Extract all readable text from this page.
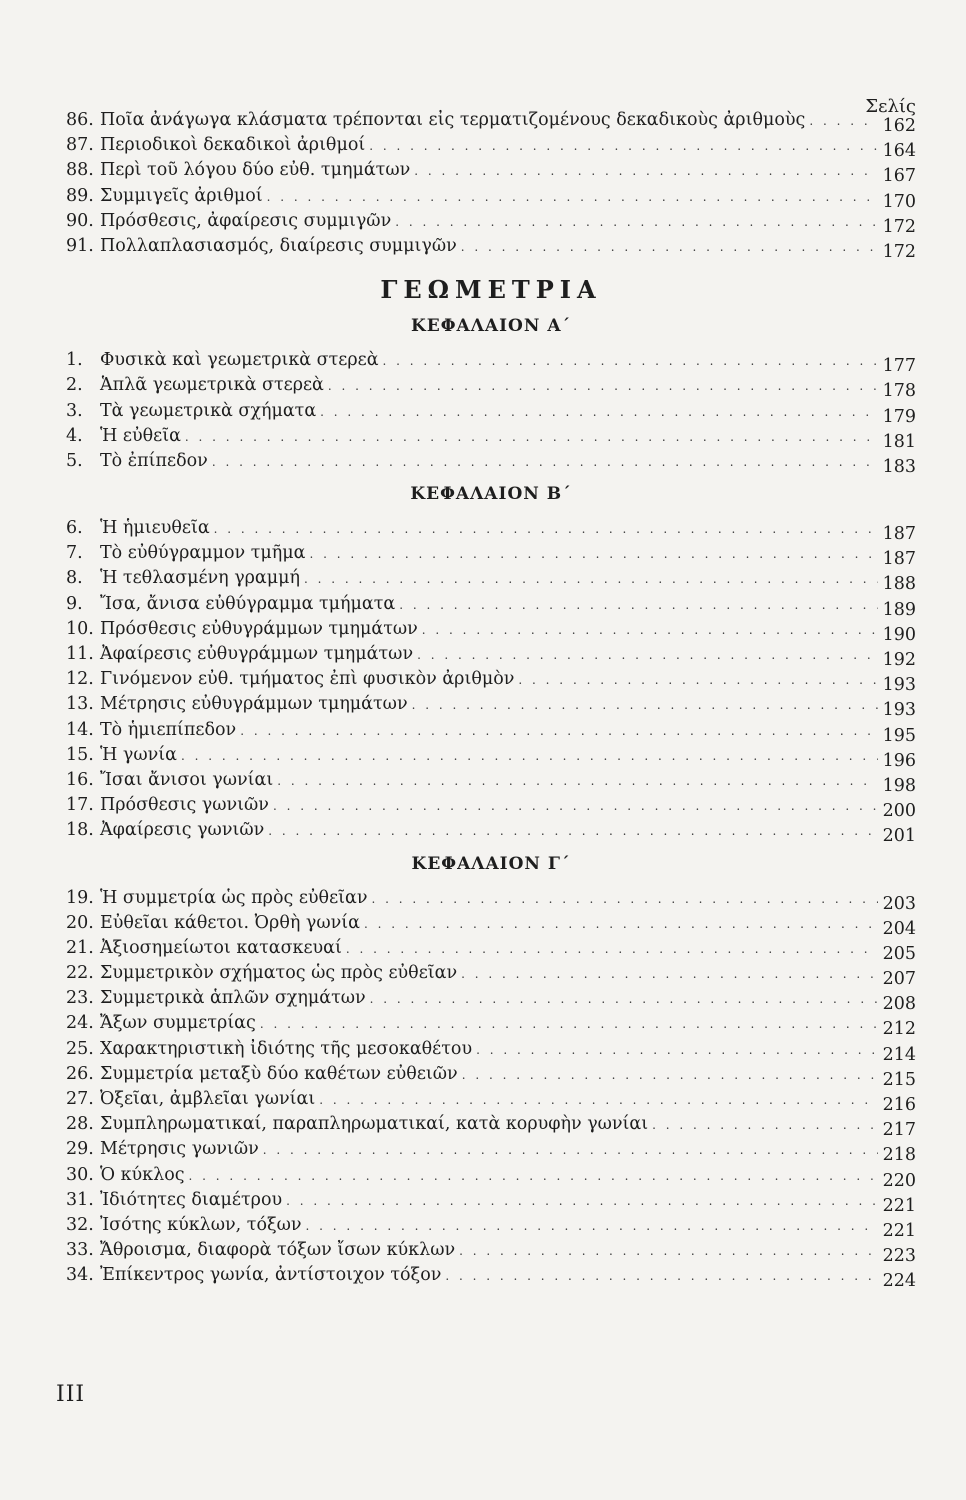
Σελίς
86. Ποῖα ἀνάγωγα κλάσματα τρέπονται εἰς τερματιζομένους δεκαδικοὺς ἀριθμοὺς . . .	162
87. Περιοδικοὶ δεκαδικοὶ ἀριθμοί . . .	164
88. Περὶ τοῦ λόγου δύο εὐθ. τμημάτων . . .	167
89. Συμμιγεῖς ἀριθμοί . . .	170
90. Πρόσθεσις, ἀφαίρεσις συμμιγῶν . . .	172
91. Πολλαπλασιασμός, διαίρεσις συμμιγῶν . . .	172
ΓΕΩΜΕΤΡΙΑ
ΚΕΦΑΛΑΙΟΝ Α΄
1. Φυσικὰ καὶ γεωμετρικὰ στερεὰ . . .	177
2. Ἁπλᾶ γεωμετρικὰ στερεὰ . . .	178
3. Τὰ γεωμετρικὰ σχήματα . . .	179
4. Ἡ εὐθεῖα . . .	181
5. Τὸ ἐπίπεδον . . .	183
ΚΕΦΑΛΑΙΟΝ Β΄
6. Ἡ ἡμιευθεῖα . . .	187
7. Τὸ εὐθύγραμμον τμῆμα . . .	187
8. Ἡ τεθλασμένη γραμμή . . .	188
9. Ἴσα, ἄνισα εὐθύγραμμα τμήματα . . .	189
10. Πρόσθεσις εὐθυγράμμων τμημάτων . . .	190
11. Ἀφαίρεσις εὐθυγράμμων τμημάτων . . .	192
12. Γινόμενον εὐθ. τμήματος ἐπὶ φυσικὸν ἀριθμὸν . . .	193
13. Μέτρησις εὐθυγράμμων τμημάτων . . .	193
14. Τὸ ἡμιεπίπεδον . . .	195
15. Ἡ γωνία . . .	196
16. Ἴσαι ἄνισοι γωνίαι . . .	198
17. Πρόσθεσις γωνιῶν . . .	200
18. Ἀφαίρεσις γωνιῶν . . .	201
ΚΕΦΑΛΑΙΟΝ Γ΄
19. Ἡ συμμετρία ὡς πρὸς εὐθεῖαν . . .	203
20. Εὐθεῖαι κάθετοι. Ὀρθὴ γωνία . . .	204
21. Ἀξιοσημείωτοι κατασκευαί . . .	205
22. Συμμετρικὸν σχήματος ὡς πρὸς εὐθεῖαν . . .	207
23. Συμμετρικὰ ἁπλῶν σχημάτων . . .	208
24. Ἄξων συμμετρίας . . .	212
25. Χαρακτηριστικὴ ἰδιότης τῆς μεσοκαθέτου . . .	214
26. Συμμετρία μεταξὺ δύο καθέτων εὐθειῶν . . .	215
27. Ὀξεῖαι, ἀμβλεῖαι γωνίαι . . .	216
28. Συμπληρωματικαί, παραπληρωματικαί, κατὰ κορυφὴν γωνίαι . . .	217
29. Μέτρησις γωνιῶν . . .	218
30. Ὁ κύκλος . . .	220
31. Ἰδιότητες διαμέτρου . . .	221
32. Ἰσότης κύκλων, τόξων . . .	221
33. Ἄθροισμα, διαφορὰ τόξων ἴσων κύκλων . . .	223
34. Ἐπίκεντρος γωνία, ἀντίστοιχον τόξον . . .	224
III
